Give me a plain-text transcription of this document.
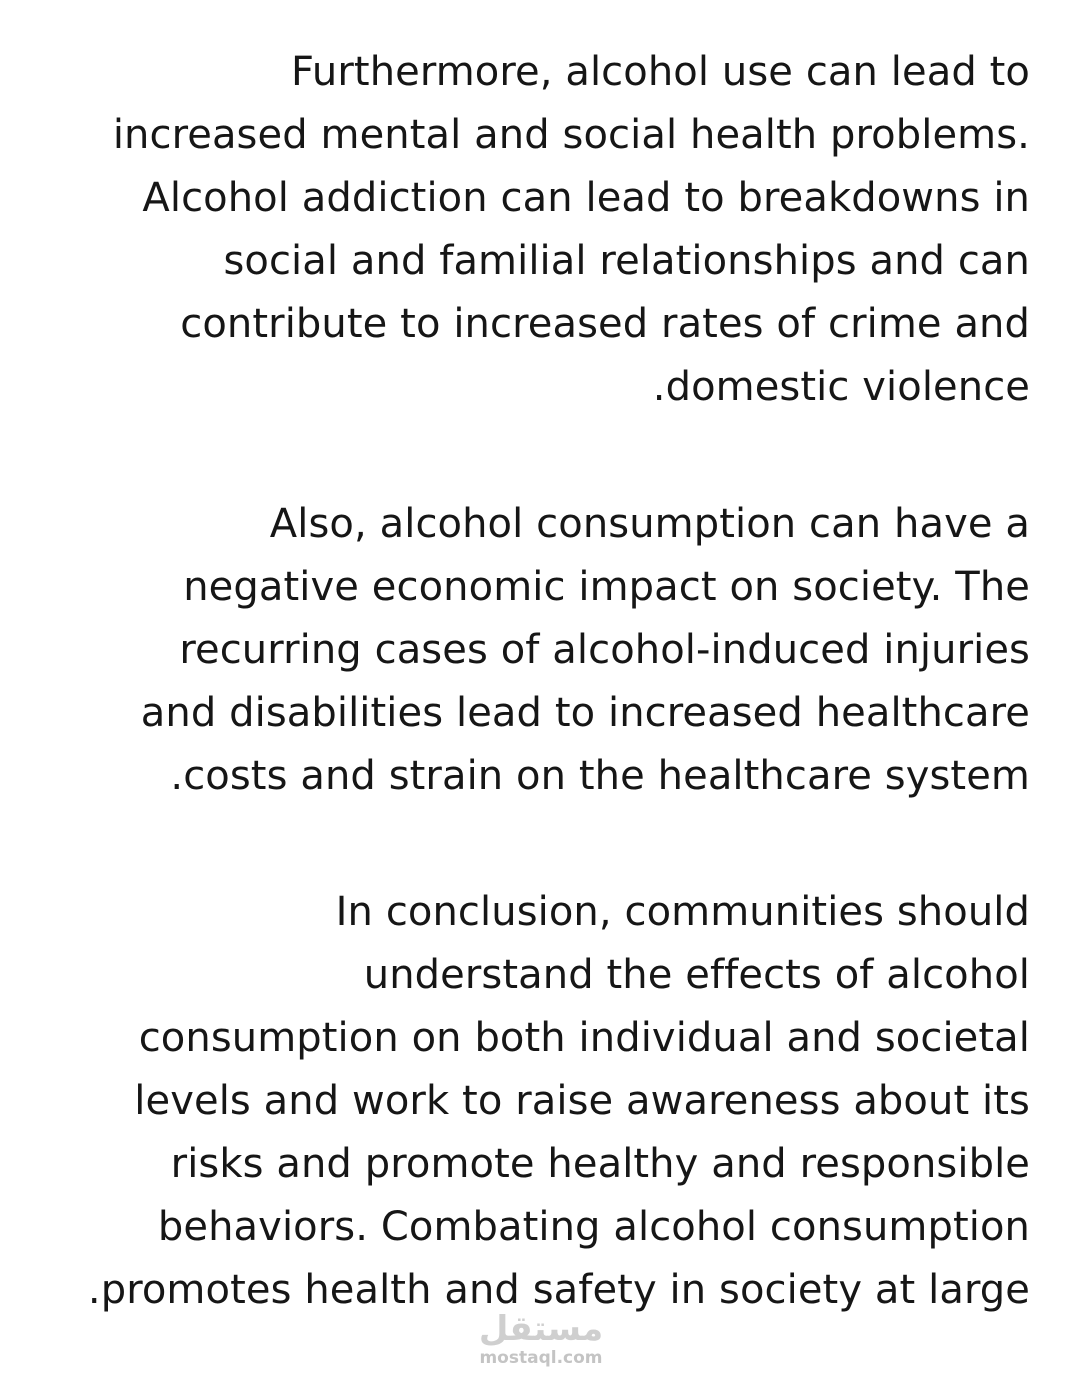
Furthermore, alcohol use can lead to
increased mental and social health problems.
Alcohol addiction can lead to breakdowns in
social and familial relationships and can
contribute to increased rates of crime and
.domestic violence

Also, alcohol consumption can have a
negative economic impact on society. The
recurring cases of alcohol-induced injuries
and disabilities lead to increased healthcare
.costs and strain on the healthcare system

In conclusion, communities should
understand the effects of alcohol
consumption on both individual and societal
levels and work to raise awareness about its
risks and promote healthy and responsible
behaviors. Combating alcohol consumption
.promotes health and safety in society at large

مستقل
mostaql.com
